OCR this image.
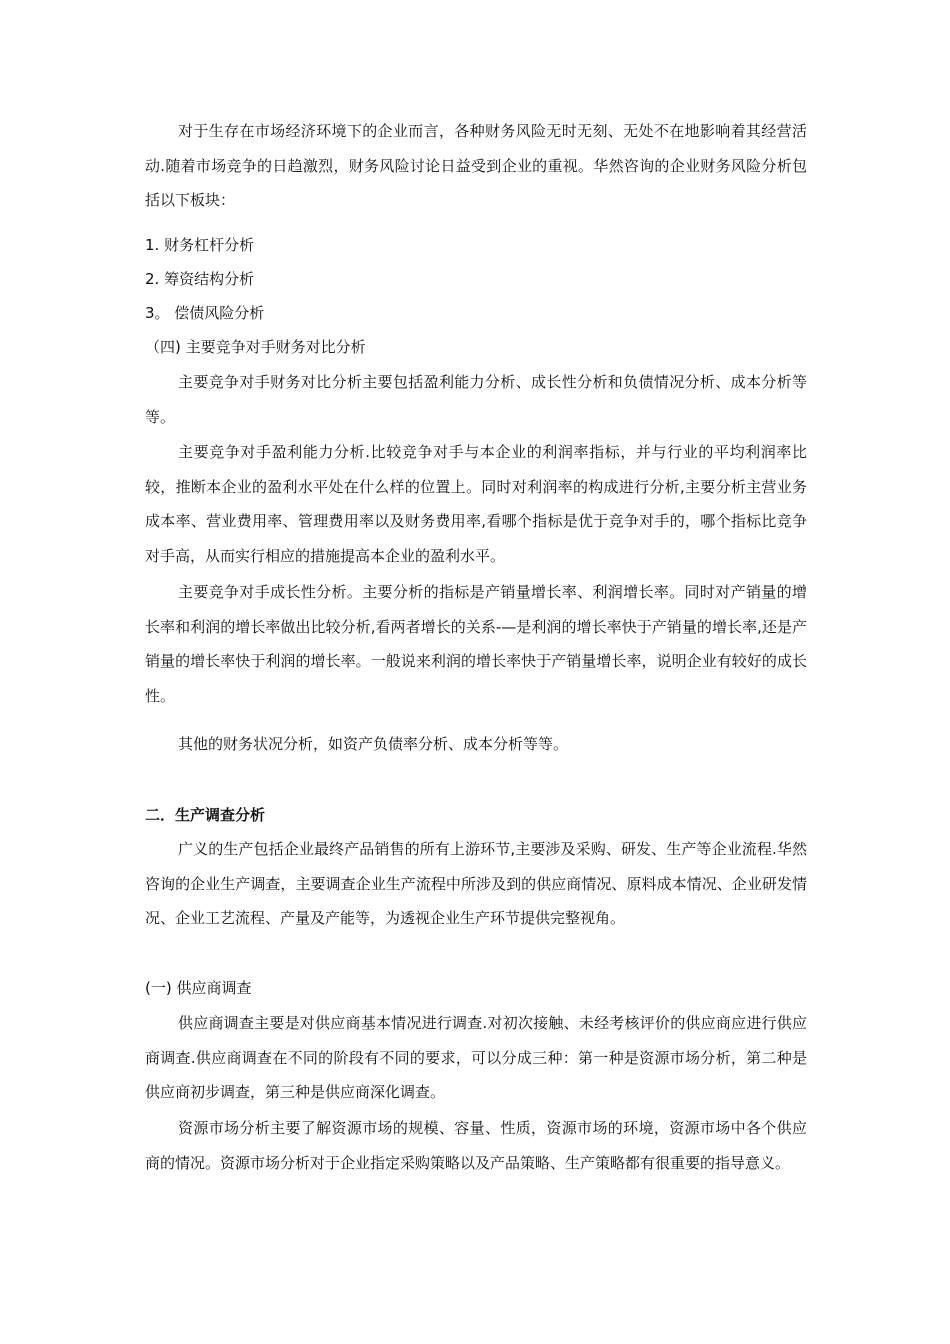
对于生存在市场经济环境下的企业而言，各种财务风险无时无刻、无处不在地影响着其经营活动.随着市场竞争的日趋激烈，财务风险讨论日益受到企业的重视。华然咨询的企业财务风险分析包括以下板块：

1. 财务杠杆分析
2. 筹资结构分析
3。 偿债风险分析
（四) 主要竞争对手财务对比分析

主要竞争对手财务对比分析主要包括盈利能力分析、成长性分析和负债情况分析、成本分析等等。

主要竞争对手盈利能力分析.比较竞争对手与本企业的利润率指标，并与行业的平均利润率比较，推断本企业的盈利水平处在什么样的位置上。同时对利润率的构成进行分析,主要分析主营业务成本率、营业费用率、管理费用率以及财务费用率,看哪个指标是优于竞争对手的，哪个指标比竞争对手高，从而实行相应的措施提高本企业的盈利水平。

主要竞争对手成长性分析。主要分析的指标是产销量增长率、利润增长率。同时对产销量的增长率和利润的增长率做出比较分析,看两者增长的关系-—是利润的增长率快于产销量的增长率,还是产销量的增长率快于利润的增长率。一般说来利润的增长率快于产销量增长率，说明企业有较好的成长性。

其他的财务状况分析，如资产负债率分析、成本分析等等。

二．生产调查分析

广义的生产包括企业最终产品销售的所有上游环节,主要涉及采购、研发、生产等企业流程.华然咨询的企业生产调查，主要调查企业生产流程中所涉及到的供应商情况、原料成本情况、企业研发情况、企业工艺流程、产量及产能等，为透视企业生产环节提供完整视角。

(一) 供应商调查

供应商调查主要是对供应商基本情况进行调查.对初次接触、未经考核评价的供应商应进行供应商调查.供应商调查在不同的阶段有不同的要求，可以分成三种：第一种是资源市场分析，第二种是供应商初步调查，第三种是供应商深化调查。

资源市场分析主要了解资源市场的规模、容量、性质，资源市场的环境，资源市场中各个供应商的情况。资源市场分析对于企业指定采购策略以及产品策略、生产策略都有很重要的指导意义。
